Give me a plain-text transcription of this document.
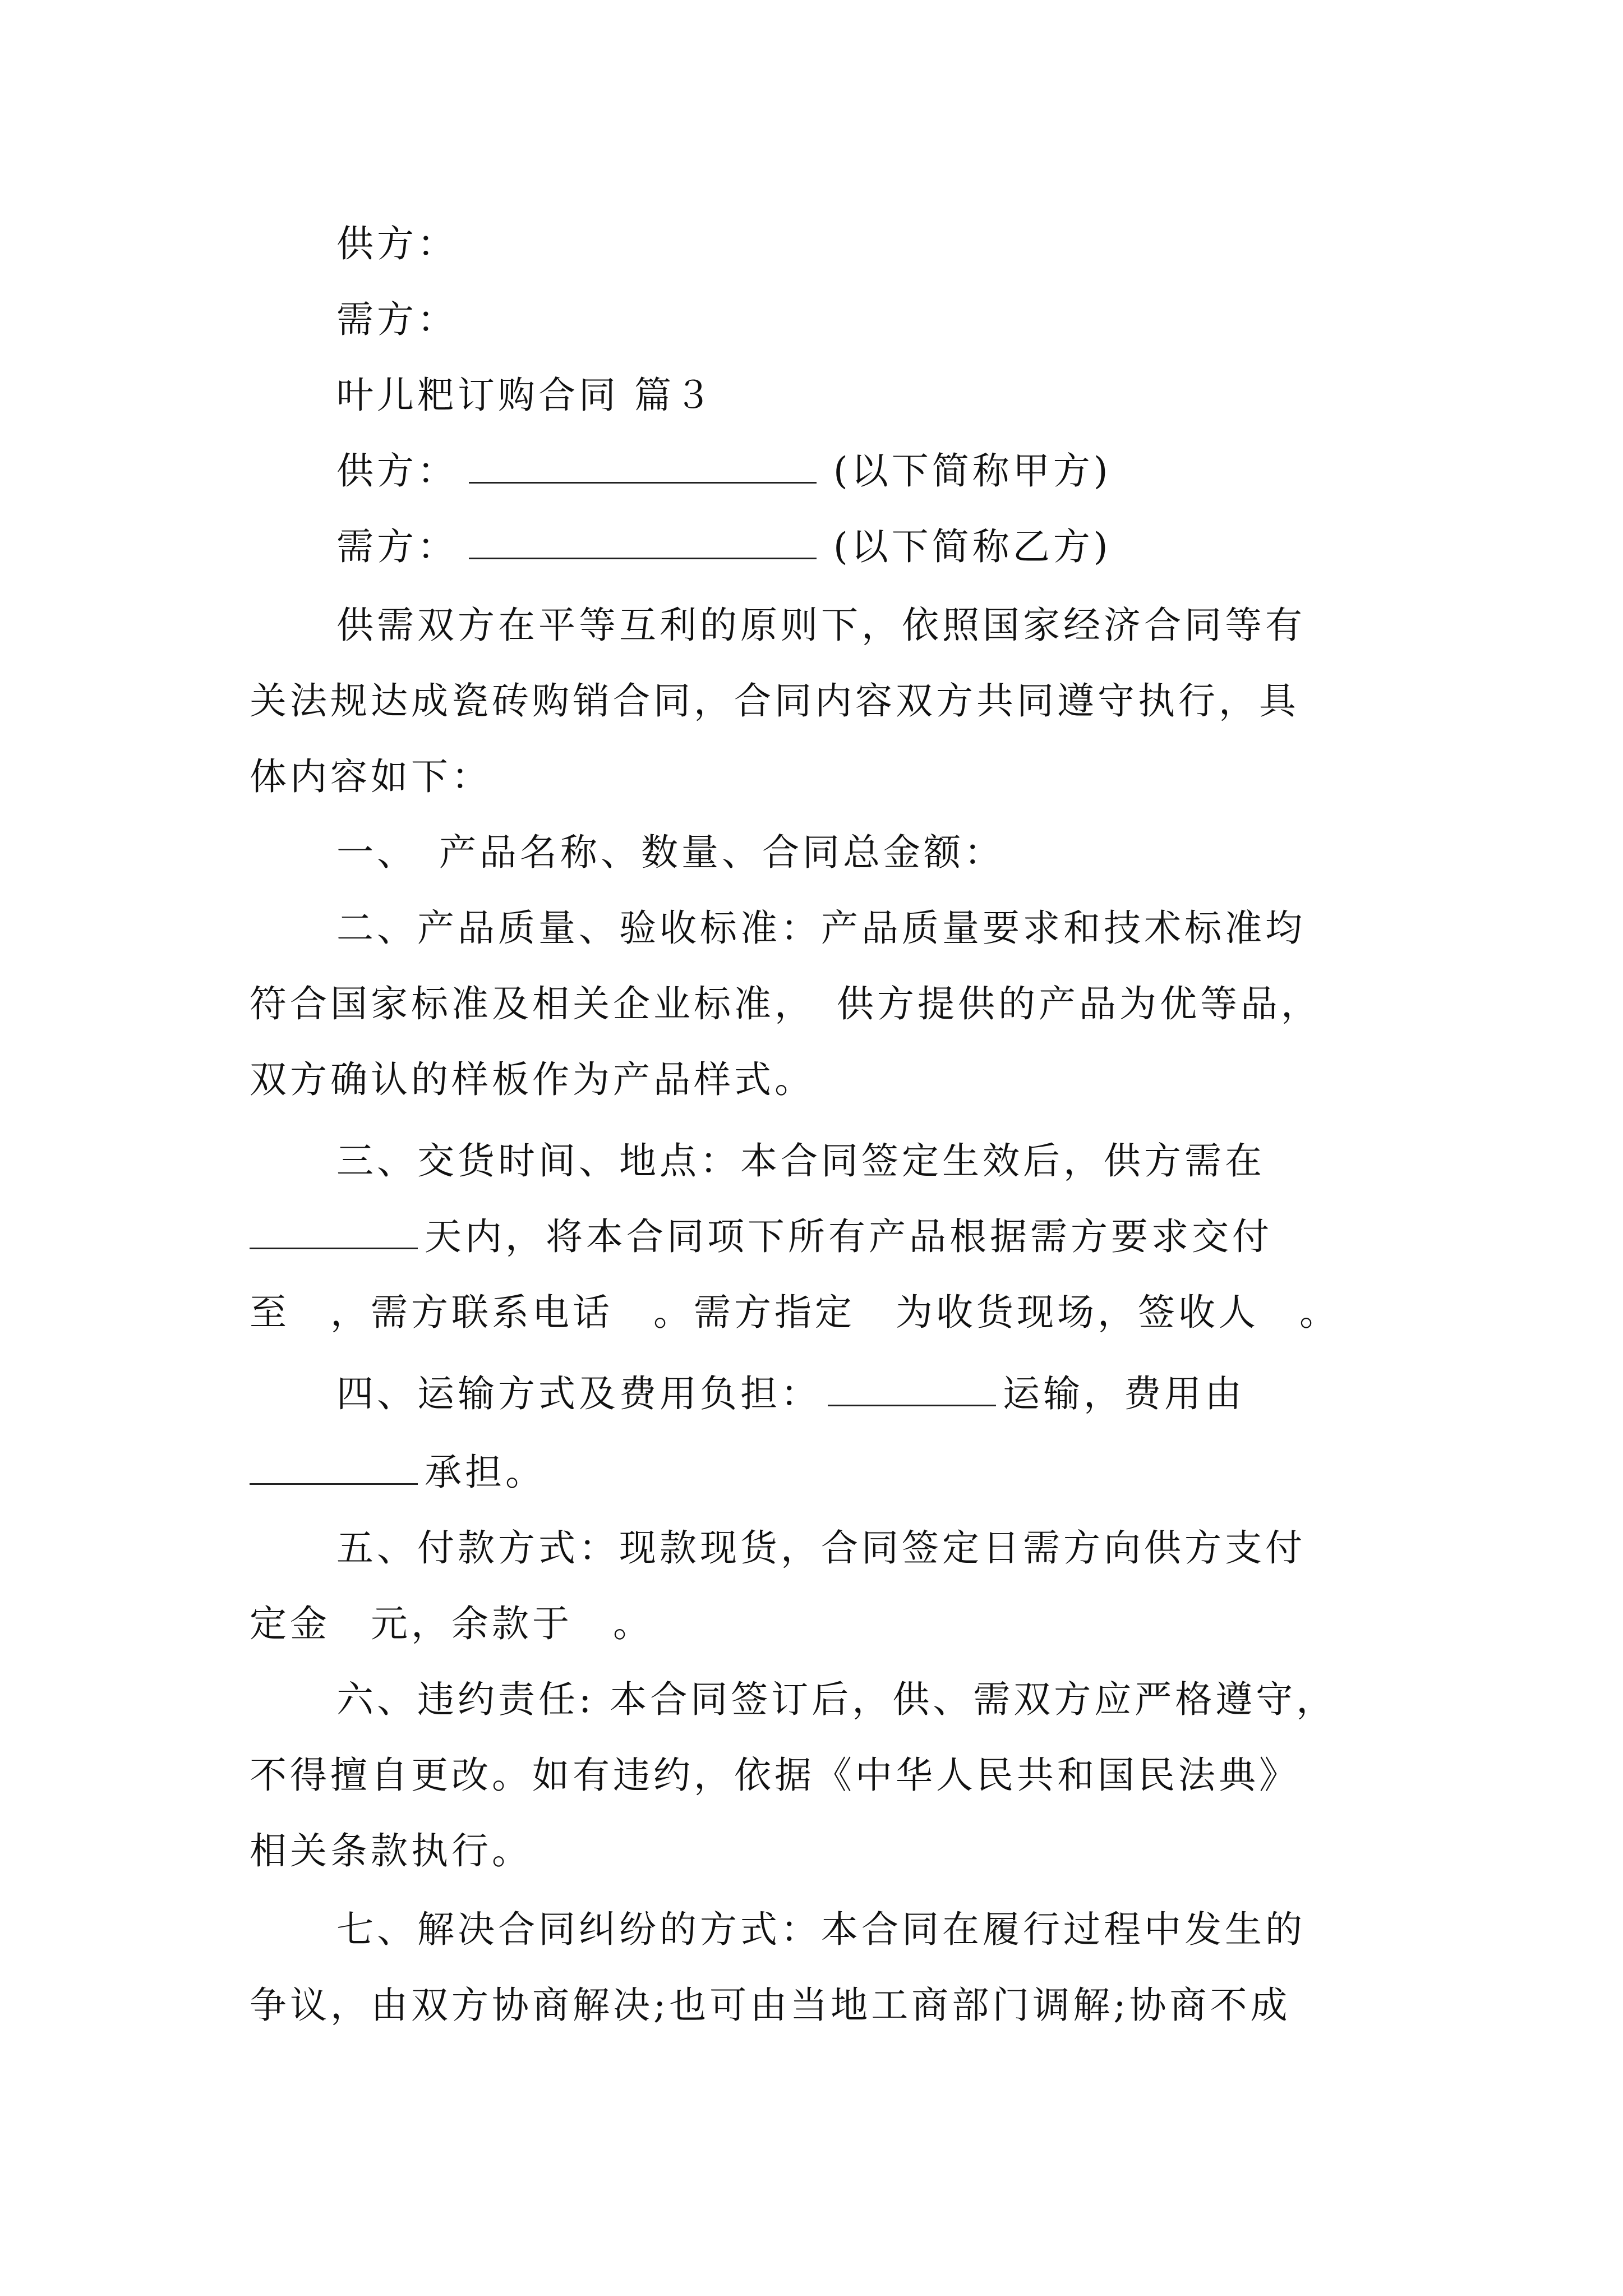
供方：
需方：
叶儿粑订购合同 篇３
供方：	(以下简称甲方)
需方：	(以下简称乙方)
供需双方在平等互利的原则下，依照国家经济合同等有
关法规达成瓷砖购销合同，合同内容双方共同遵守执行，具
体内容如下：
一、　产品名称、数量、合同总金额：
二、产品质量、验收标准：产品质量要求和技术标准均
符合国家标准及相关企业标准，　供方提供的产品为优等品，
双方确认的样板作为产品样式。
三、交货时间、地点：本合同签定生效后，供方需在
天内，将本合同项下所有产品根据需方要求交付
至　，需方联系电话　。需方指定　为收货现场，签收人　。
四、运输方式及费用负担：	运输，费用由
承担。
五、付款方式：现款现货，合同签定日需方向供方支付
定金　元，余款于　。
六、违约责任: 本合同签订后，供、需双方应严格遵守，
不得擅自更改。如有违约，依据《中华人民共和国民法典》
相关条款执行。
七、解决合同纠纷的方式：本合同在履行过程中发生的
争议，由双方协商解决;也可由当地工商部门调解;协商不成
